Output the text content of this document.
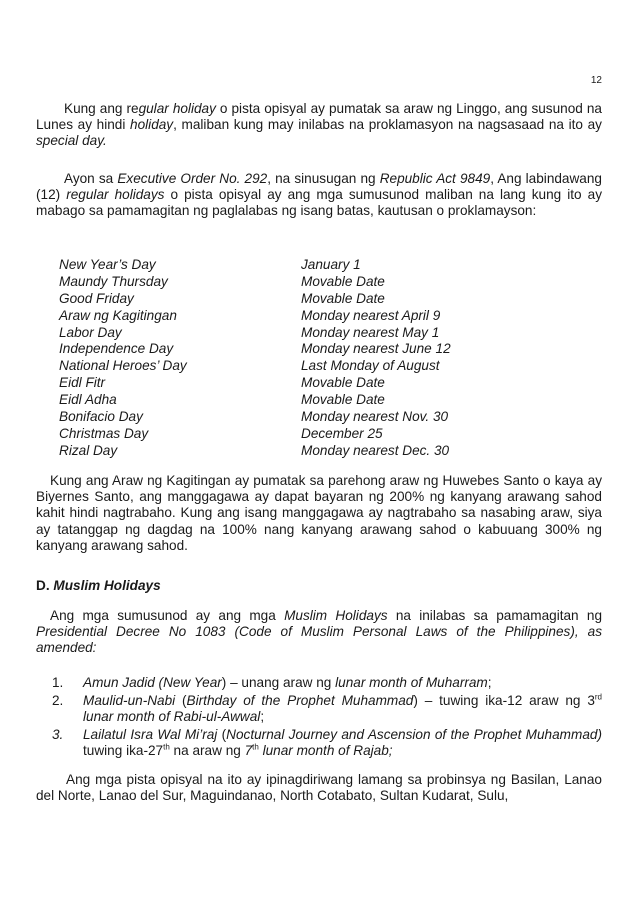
12
Kung ang regular holiday o pista opisyal ay pumatak sa araw ng Linggo, ang susunod na Lunes ay hindi holiday, maliban kung may inilabas na proklamasyon na nagsasaad na ito ay special day.
Ayon sa Executive Order No. 292, na sinusugan ng Republic Act 9849, Ang labindawang (12) regular holidays o pista opisyal ay ang mga sumusunod maliban na lang kung ito ay mabago sa pamamagitan ng paglalabas ng isang batas, kautusan o proklamayson:
New Year’s Day	January 1
Maundy Thursday	Movable Date
Good Friday	Movable Date
Araw ng Kagitingan	Monday nearest April 9
Labor Day	Monday nearest May 1
Independence Day	Monday nearest June 12
National Heroes’ Day	Last Monday of August
Eidl Fitr	Movable Date
Eidl Adha	Movable Date
Bonifacio Day	Monday nearest Nov. 30
Christmas Day	December 25
Rizal Day	Monday nearest Dec. 30
Kung ang Araw ng Kagitingan ay pumatak sa parehong araw ng Huwebes Santo o kaya ay Biyernes Santo, ang manggagawa ay dapat bayaran ng 200% ng kanyang arawang sahod kahit hindi nagtrabaho. Kung ang isang manggagawa ay nagtrabaho sa nasabing araw, siya ay tatanggap ng dagdag na 100% nang kanyang arawang sahod o kabuuang 300% ng kanyang arawang sahod.
D. Muslim Holidays
Ang mga sumusunod ay ang mga Muslim Holidays na inilabas sa pamamagitan ng Presidential Decree No 1083 (Code of Muslim Personal Laws of the Philippines), as amended:
1. Amun Jadid (New Year) – unang araw ng lunar month of Muharram;
2. Maulid-un-Nabi (Birthday of the Prophet Muhammad) – tuwing ika-12 araw ng 3rd lunar month of Rabi-ul-Awwal;
3. Lailatul Isra Wal Mi’raj (Nocturnal Journey and Ascension of the Prophet Muhammad) tuwing ika-27th na araw ng 7th lunar month of Rajab;
Ang mga pista opisyal na ito ay ipinagdiriwang lamang sa probinsya ng Basilan, Lanao del Norte, Lanao del Sur, Maguindanao, North Cotabato, Sultan Kudarat, Sulu,
